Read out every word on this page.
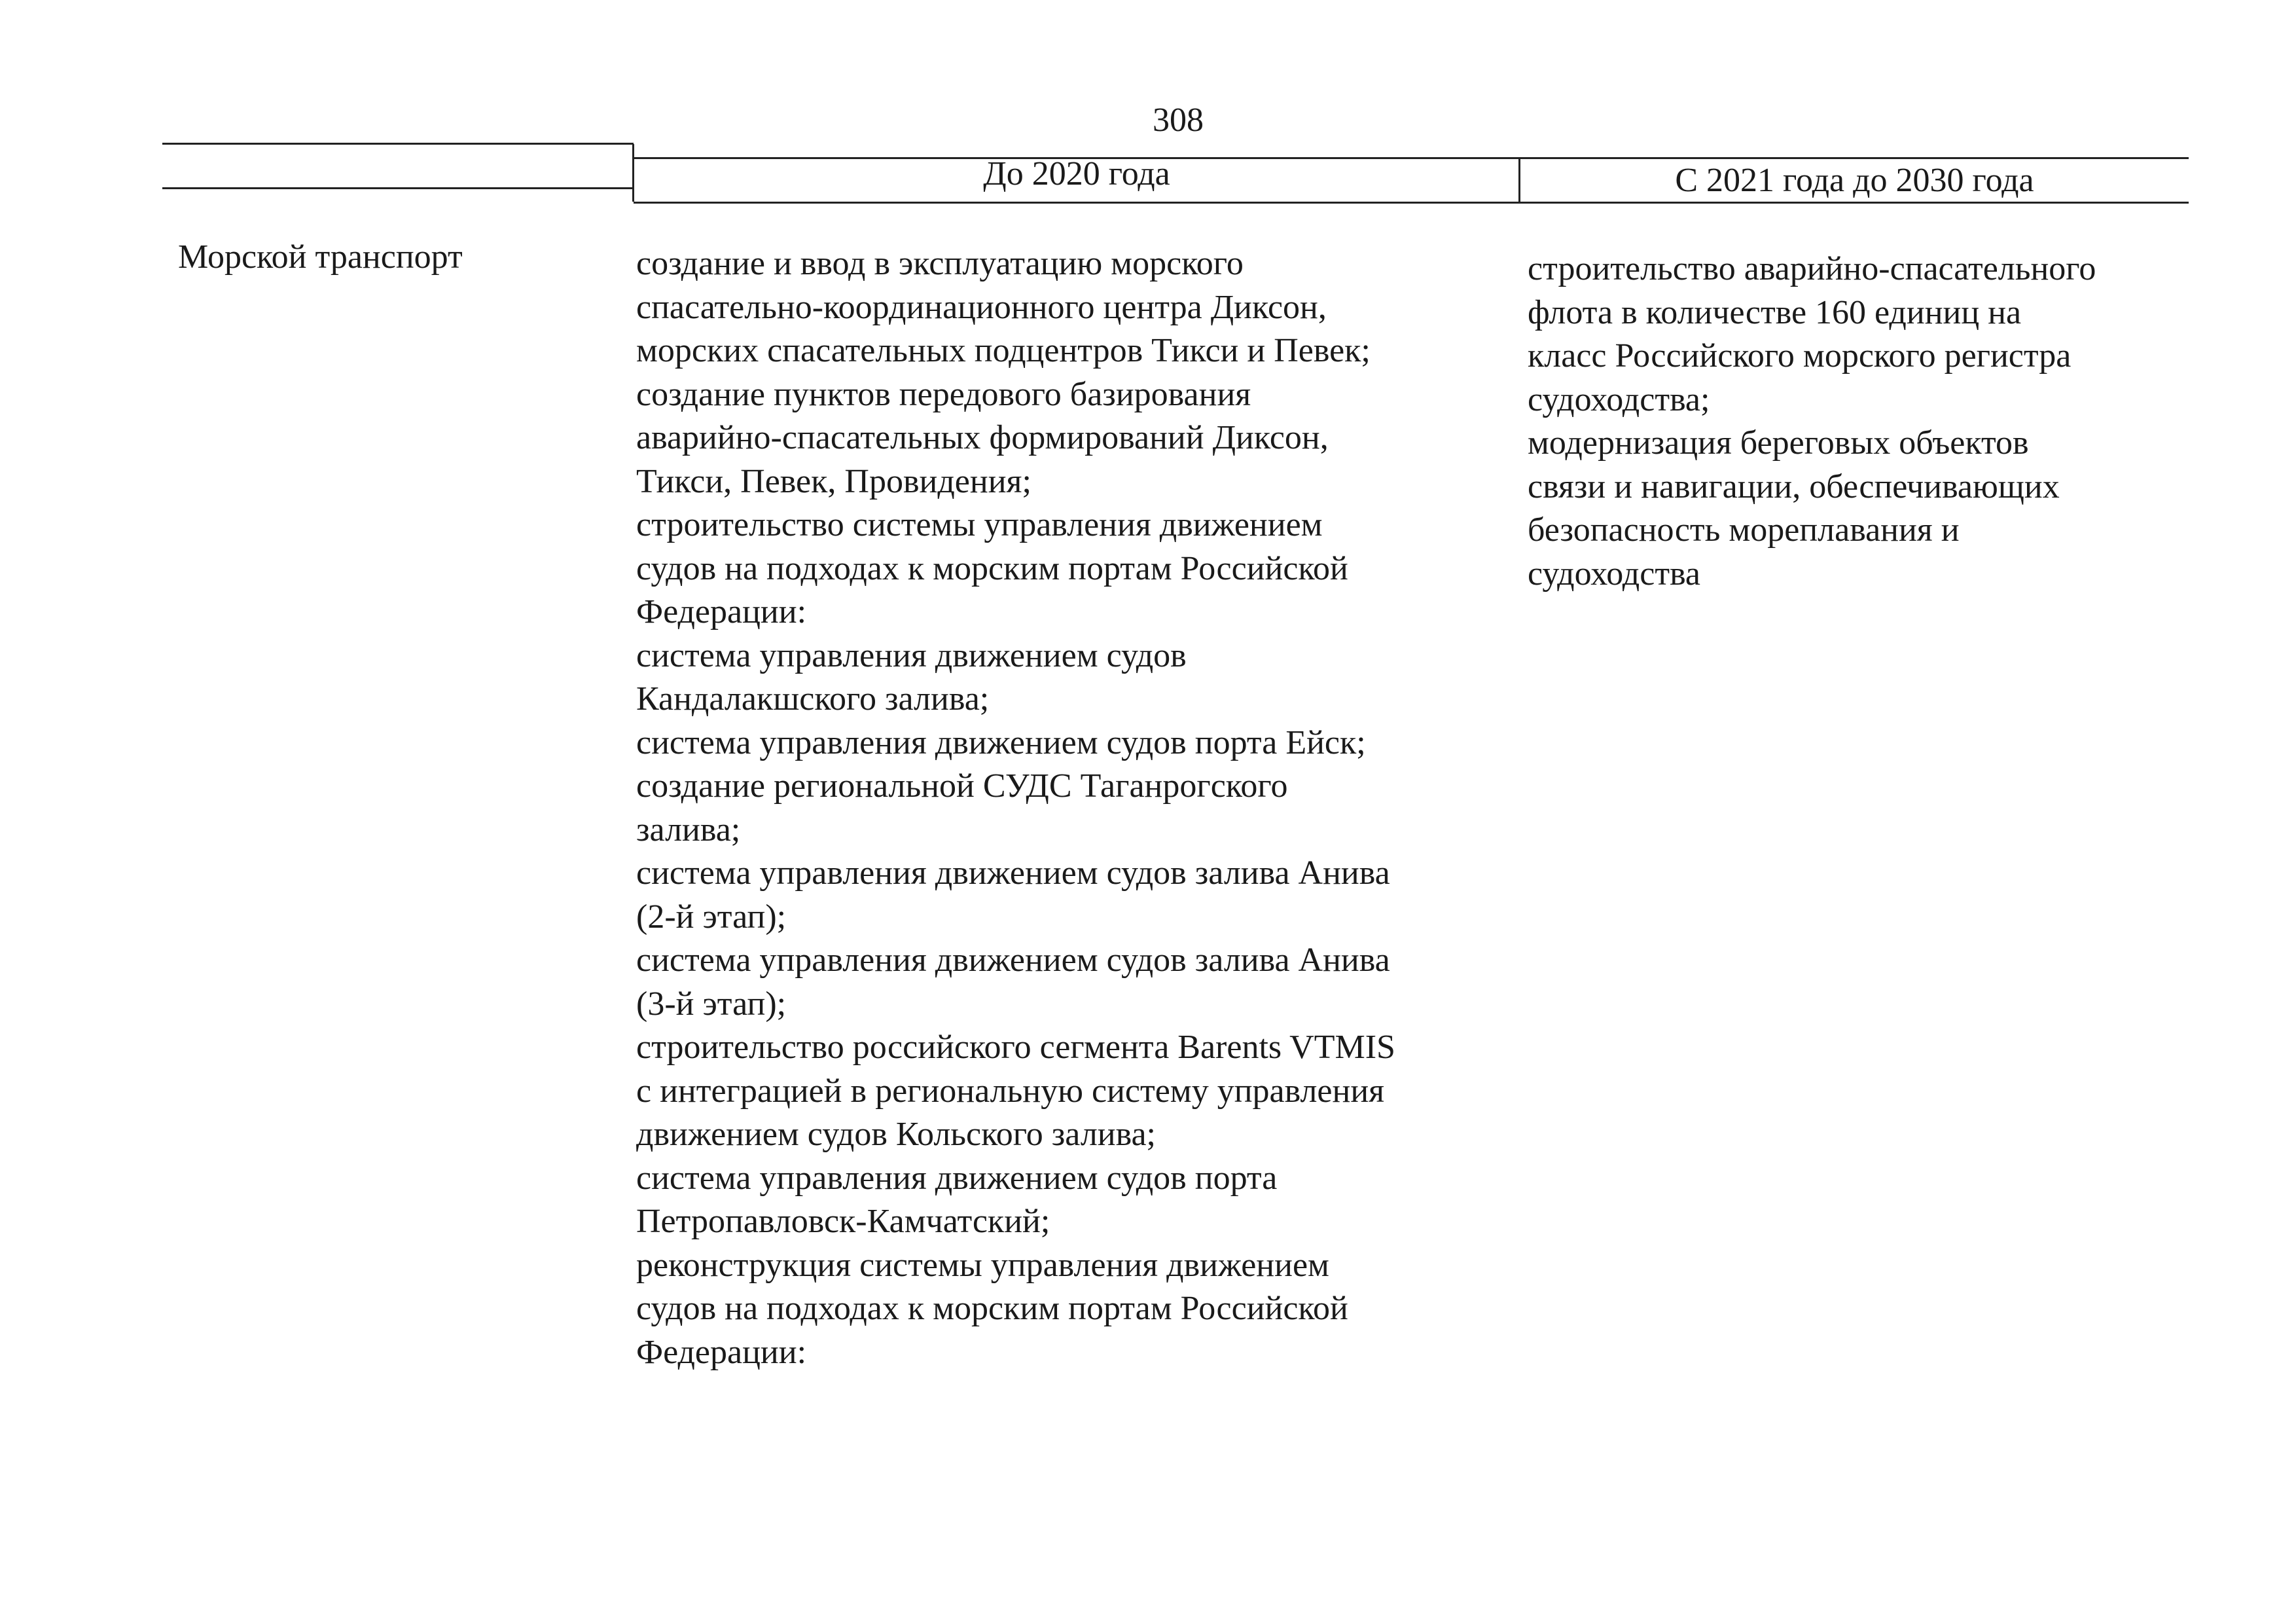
308
До 2020 года	С 2021 года до 2030 года
Морской транспорт	создание и ввод в эксплуатацию морского
спасательно-координационного центра Диксон,
морских спасательных подцентров Тикси и Певек;
создание пунктов передового базирования
аварийно-спасательных формирований Диксон,
Тикси, Певек, Провидения;
строительство системы управления движением
судов на подходах к морским портам Российской
Федерации:
система управления движением судов
Кандалакшского залива;
система управления движением судов порта Ейск;
создание региональной СУДС Таганрогского
залива;
система управления движением судов залива Анива
(2-й этап);
система управления движением судов залива Анива
(3-й этап);
строительство российского сегмента Barents VTMIS
с интеграцией в региональную систему управления
движением судов Кольского залива;
система управления движением судов порта
Петропавловск-Камчатский;
реконструкция системы управления движением
судов на подходах к морским портам Российской
Федерации:
строительство аварийно-спасательного
флота в количестве 160 единиц на
класс Российского морского регистра
судоходства;
модернизация береговых объектов
связи и навигации, обеспечивающих
безопасность мореплавания и
судоходства
